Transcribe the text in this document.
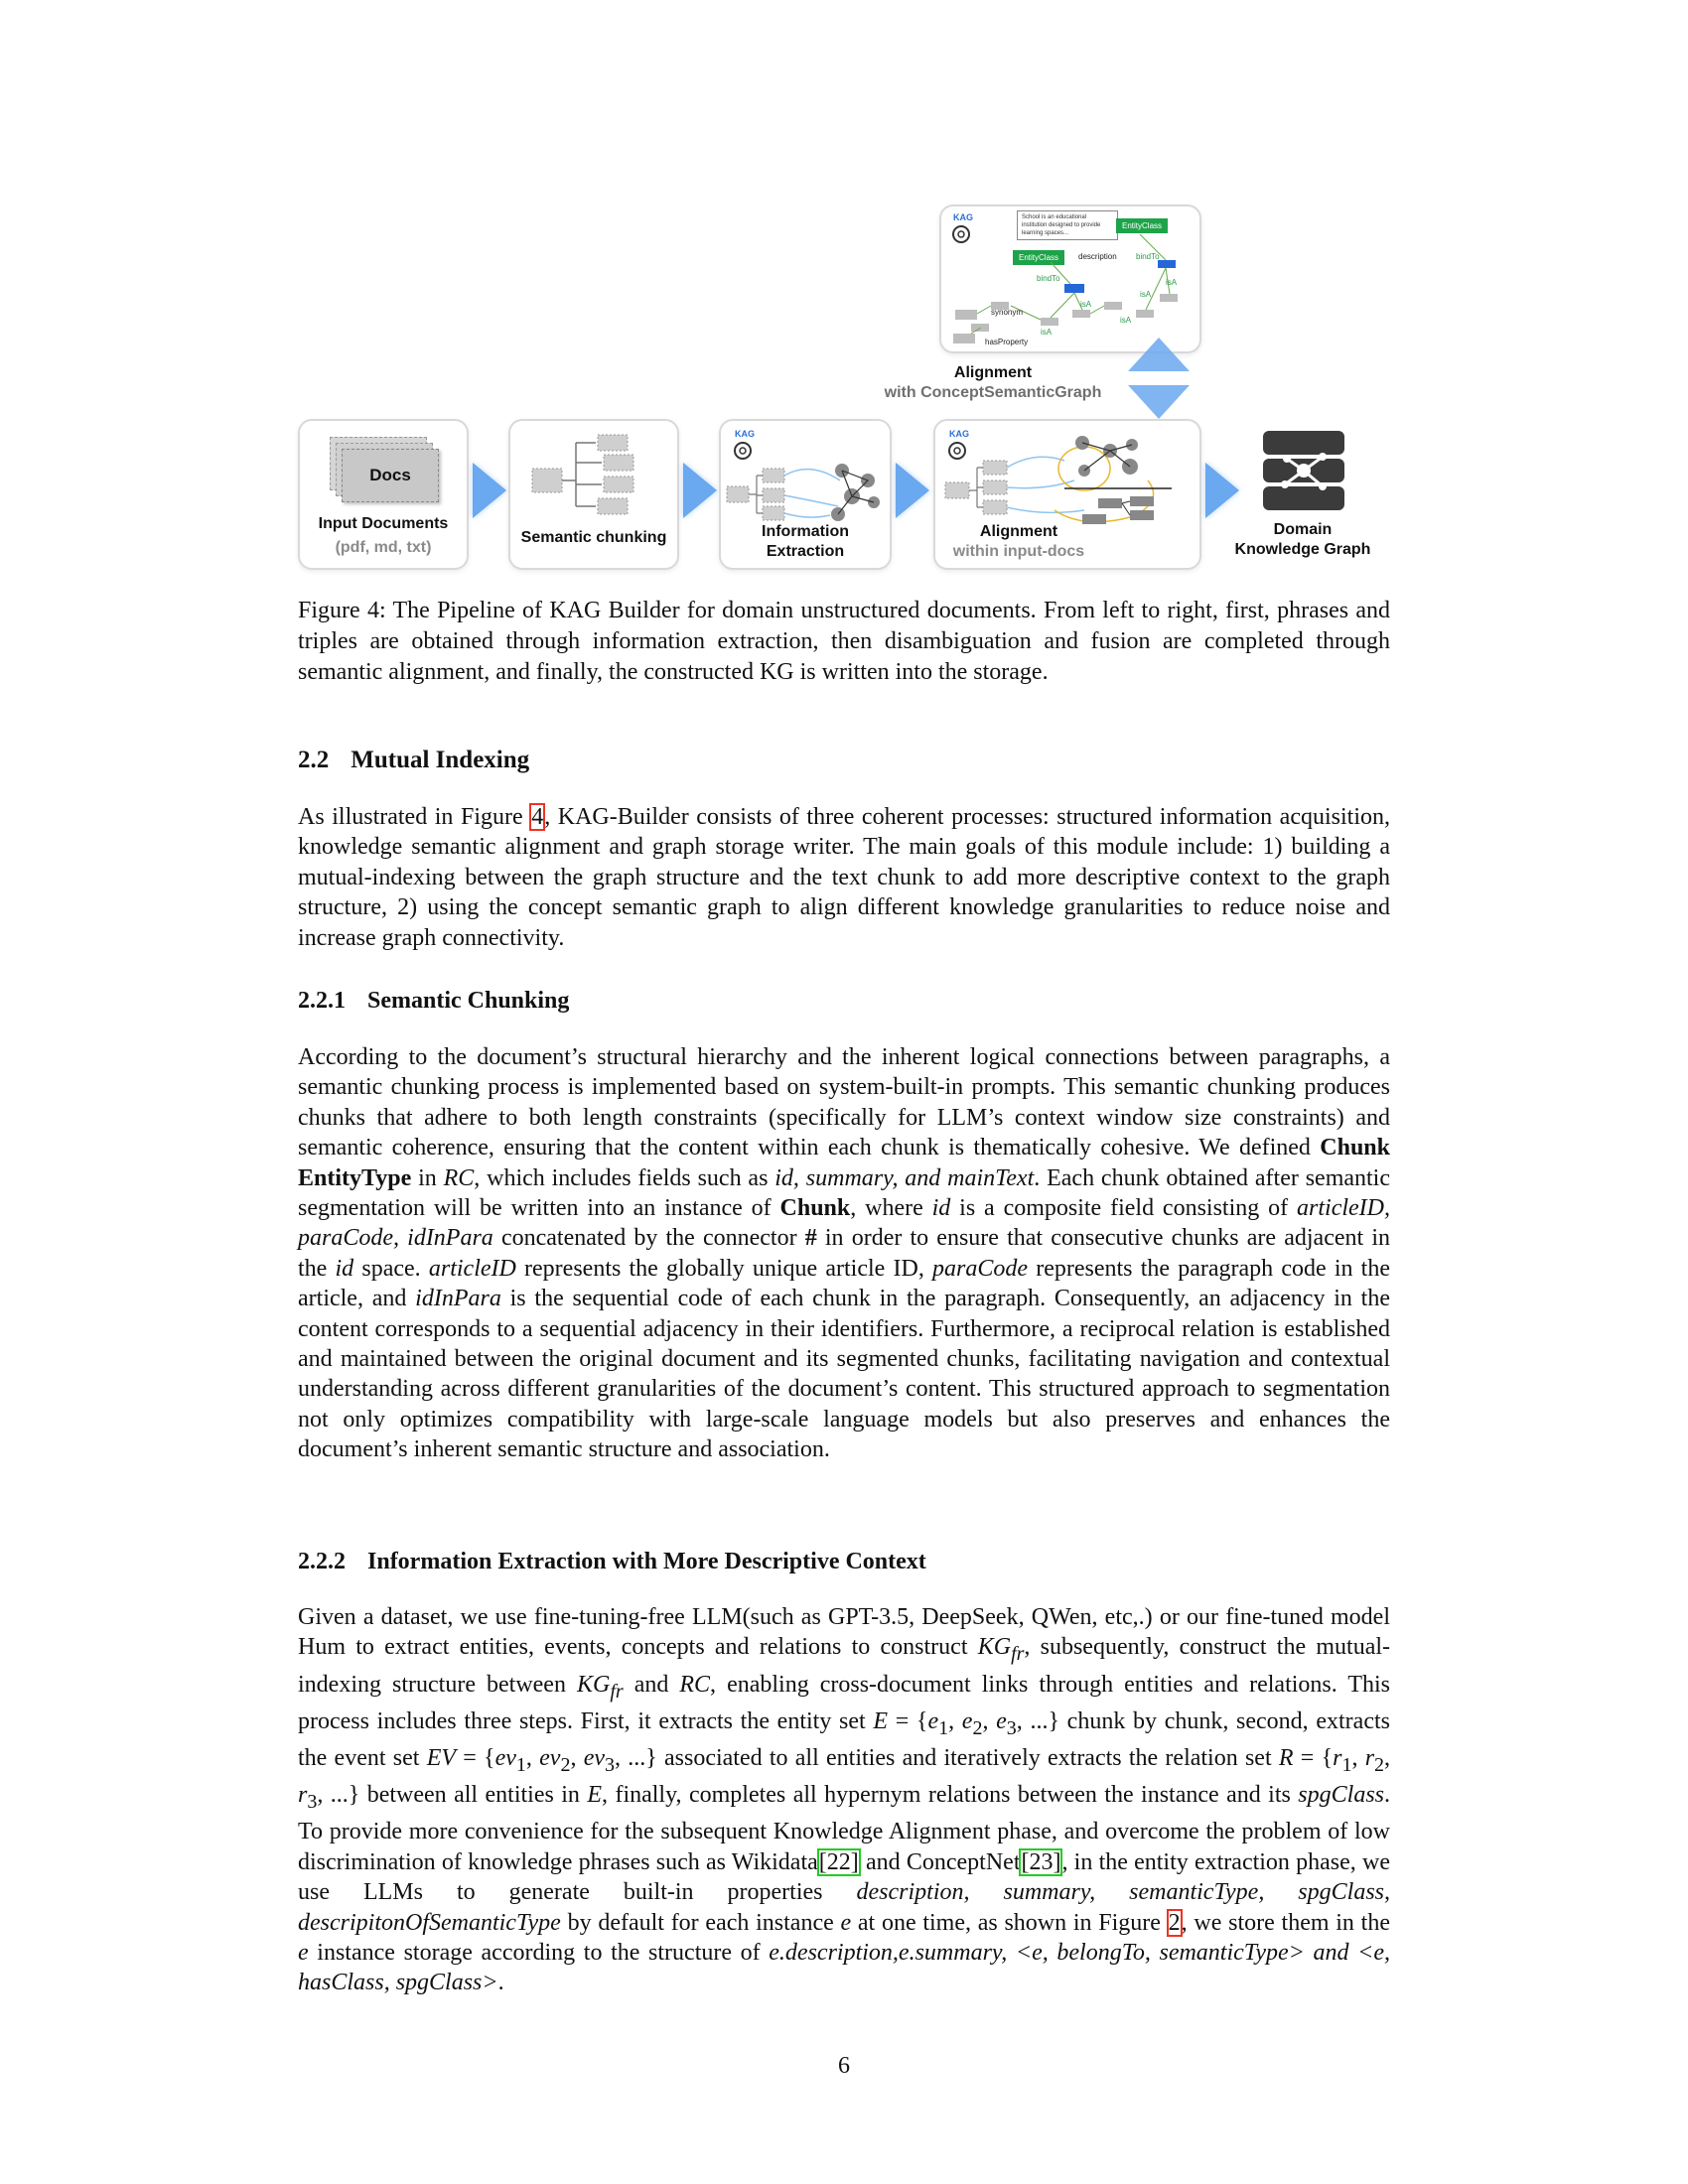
Docs
Input Documents
(pdf, md, txt)
Semantic chunking
KAG
Information
Extraction
KAG
Alignment
within input-docs
Domain
Knowledge Graph
KAG	School is an educational institution designed to provide learning spaces...
EntityClass
EntityClass	description bindTo
bindTo	isA
isA
isA
synonym
isA
isA
hasProperty
Alignment
with ConceptSemanticGraph

Figure 4: The Pipeline of KAG Builder for domain unstructured documents. From left to right, first, phrases and triples are obtained through information extraction, then disambiguation and fusion are completed through semantic alignment, and finally, the constructed KG is written into the storage.

2.2 Mutual Indexing

As illustrated in Figure 4, KAG-Builder consists of three coherent processes: structured information acquisition, knowledge semantic alignment and graph storage writer. The main goals of this module include: 1) building a mutual-indexing between the graph structure and the text chunk to add more descriptive context to the graph structure, 2) using the concept semantic graph to align different knowledge granularities to reduce noise and increase graph connectivity.

2.2.1 Semantic Chunking

According to the document’s structural hierarchy and the inherent logical connections between paragraphs, a semantic chunking process is implemented based on system-built-in prompts. This semantic chunking produces chunks that adhere to both length constraints (specifically for LLM’s context window size constraints) and semantic coherence, ensuring that the content within each chunk is thematically cohesive. We defined Chunk EntityType in RC, which includes fields such as id, summary, and mainText. Each chunk obtained after semantic segmentation will be written into an instance of Chunk, where id is a composite field consisting of articleID, paraCode, idInPara concatenated by the connector # in order to ensure that consecutive chunks are adjacent in the id space. articleID represents the globally unique article ID, paraCode represents the paragraph code in the article, and idInPara is the sequential code of each chunk in the paragraph. Consequently, an adjacency in the content corresponds to a sequential adjacency in their identifiers. Furthermore, a reciprocal relation is established and maintained between the original document and its segmented chunks, facilitating navigation and contextual understanding across different granularities of the document’s content. This structured approach to segmentation not only optimizes compatibility with large-scale language models but also preserves and enhances the document’s inherent semantic structure and association.

2.2.2 Information Extraction with More Descriptive Context

Given a dataset, we use fine-tuning-free LLM(such as GPT-3.5, DeepSeek, QWen, etc,.) or our fine-tuned model Hum to extract entities, events, concepts and relations to construct $KG_{fr}$, subsequently, construct the mutual-indexing structure between $KG_{fr}$ and RC, enabling cross-document links through entities and relations. This process includes three steps. First, it extracts the entity set $E = \{e_1$, $e_2$, $e_3$, ...} chunk by chunk, second, extracts the event set EV = {$ev_1$, $ev_2$, $ev_3$, ...} associated to all entities and iteratively extracts the relation set $R = \{r_1$, $r_2$, $r_3$, ...} between all entities in E, finally, completes all hypernym relations between the instance and its spgClass. To provide more convenience for the subsequent Knowledge Alignment phase, and overcome the problem of low discrimination of knowledge phrases such as Wikidata[22] and ConceptNet[23], in the entity extraction phase, we use LLMs to generate built-in properties description, summary, semanticType, spgClass, descripitonOfSemanticType by default for each instance e at one time, as shown in Figure 2, we store them in the e instance storage according to the structure of e.description,e.summary, <e, belongTo, semanticType> and <e, hasClass, spgClass>.

6
